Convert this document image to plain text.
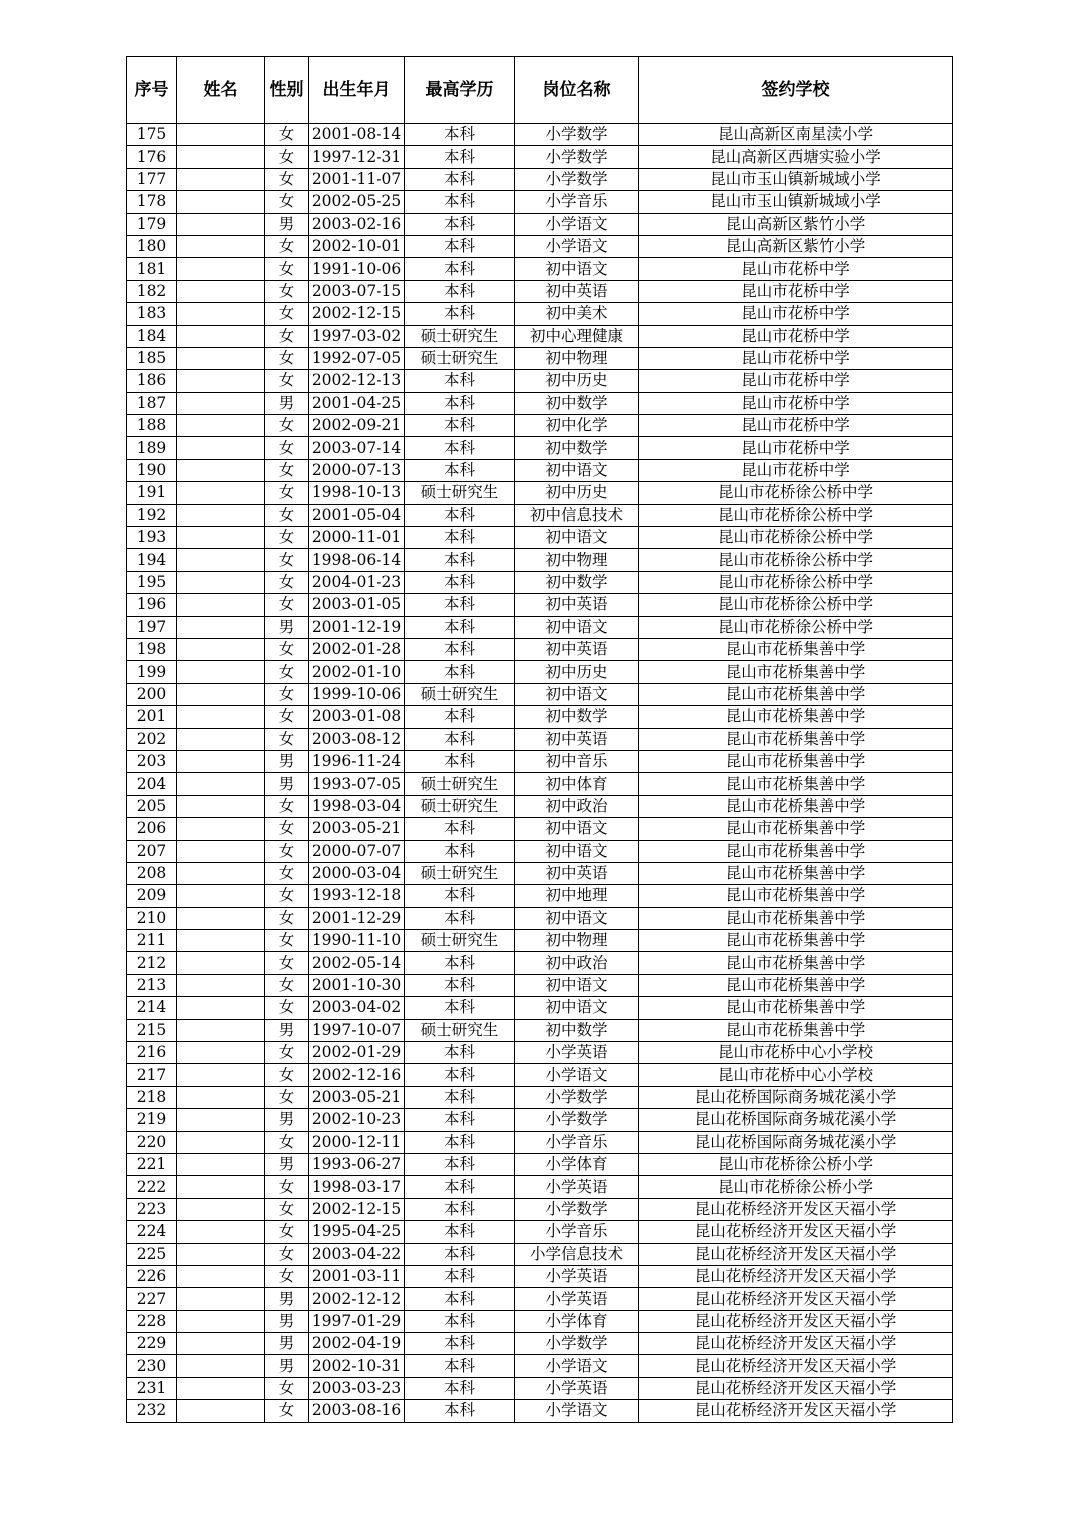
序号	姓名	性别	出生年月	最高学历	岗位名称	签约学校
175		女	2001-08-14	本科	小学数学	昆山高新区南星渎小学
176		女	1997-12-31	本科	小学数学	昆山高新区西塘实验小学
177		女	2001-11-07	本科	小学数学	昆山市玉山镇新城域小学
178		女	2002-05-25	本科	小学音乐	昆山市玉山镇新城域小学
179		男	2003-02-16	本科	小学语文	昆山高新区紫竹小学
180		女	2002-10-01	本科	小学语文	昆山高新区紫竹小学
181		女	1991-10-06	本科	初中语文	昆山市花桥中学
182		女	2003-07-15	本科	初中英语	昆山市花桥中学
183		女	2002-12-15	本科	初中美术	昆山市花桥中学
184		女	1997-03-02	硕士研究生	初中心理健康	昆山市花桥中学
185		女	1992-07-05	硕士研究生	初中物理	昆山市花桥中学
186		女	2002-12-13	本科	初中历史	昆山市花桥中学
187		男	2001-04-25	本科	初中数学	昆山市花桥中学
188		女	2002-09-21	本科	初中化学	昆山市花桥中学
189		女	2003-07-14	本科	初中数学	昆山市花桥中学
190		女	2000-07-13	本科	初中语文	昆山市花桥中学
191		女	1998-10-13	硕士研究生	初中历史	昆山市花桥徐公桥中学
192		女	2001-05-04	本科	初中信息技术	昆山市花桥徐公桥中学
193		女	2000-11-01	本科	初中语文	昆山市花桥徐公桥中学
194		女	1998-06-14	本科	初中物理	昆山市花桥徐公桥中学
195		女	2004-01-23	本科	初中数学	昆山市花桥徐公桥中学
196		女	2003-01-05	本科	初中英语	昆山市花桥徐公桥中学
197		男	2001-12-19	本科	初中语文	昆山市花桥徐公桥中学
198		女	2002-01-28	本科	初中英语	昆山市花桥集善中学
199		女	2002-01-10	本科	初中历史	昆山市花桥集善中学
200		女	1999-10-06	硕士研究生	初中语文	昆山市花桥集善中学
201		女	2003-01-08	本科	初中数学	昆山市花桥集善中学
202		女	2003-08-12	本科	初中英语	昆山市花桥集善中学
203		男	1996-11-24	本科	初中音乐	昆山市花桥集善中学
204		男	1993-07-05	硕士研究生	初中体育	昆山市花桥集善中学
205		女	1998-03-04	硕士研究生	初中政治	昆山市花桥集善中学
206		女	2003-05-21	本科	初中语文	昆山市花桥集善中学
207		女	2000-07-07	本科	初中语文	昆山市花桥集善中学
208		女	2000-03-04	硕士研究生	初中英语	昆山市花桥集善中学
209		女	1993-12-18	本科	初中地理	昆山市花桥集善中学
210		女	2001-12-29	本科	初中语文	昆山市花桥集善中学
211		女	1990-11-10	硕士研究生	初中物理	昆山市花桥集善中学
212		女	2002-05-14	本科	初中政治	昆山市花桥集善中学
213		女	2001-10-30	本科	初中语文	昆山市花桥集善中学
214		女	2003-04-02	本科	初中语文	昆山市花桥集善中学
215		男	1997-10-07	硕士研究生	初中数学	昆山市花桥集善中学
216		女	2002-01-29	本科	小学英语	昆山市花桥中心小学校
217		女	2002-12-16	本科	小学语文	昆山市花桥中心小学校
218		女	2003-05-21	本科	小学数学	昆山花桥国际商务城花溪小学
219		男	2002-10-23	本科	小学数学	昆山花桥国际商务城花溪小学
220		女	2000-12-11	本科	小学音乐	昆山花桥国际商务城花溪小学
221		男	1993-06-27	本科	小学体育	昆山市花桥徐公桥小学
222		女	1998-03-17	本科	小学英语	昆山市花桥徐公桥小学
223		女	2002-12-15	本科	小学数学	昆山花桥经济开发区天福小学
224		女	1995-04-25	本科	小学音乐	昆山花桥经济开发区天福小学
225		女	2003-04-22	本科	小学信息技术	昆山花桥经济开发区天福小学
226		女	2001-03-11	本科	小学英语	昆山花桥经济开发区天福小学
227		男	2002-12-12	本科	小学英语	昆山花桥经济开发区天福小学
228		男	1997-01-29	本科	小学体育	昆山花桥经济开发区天福小学
229		男	2002-04-19	本科	小学数学	昆山花桥经济开发区天福小学
230		男	2002-10-31	本科	小学语文	昆山花桥经济开发区天福小学
231		女	2003-03-23	本科	小学英语	昆山花桥经济开发区天福小学
232		女	2003-08-16	本科	小学语文	昆山花桥经济开发区天福小学
